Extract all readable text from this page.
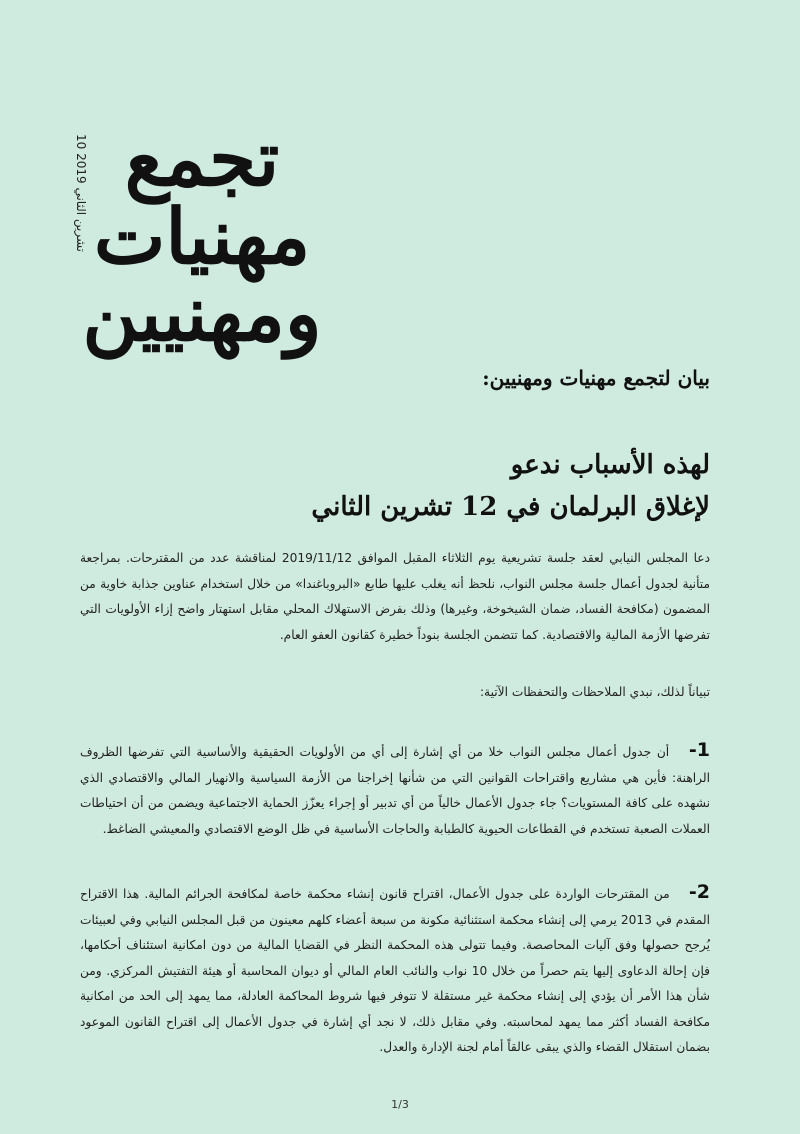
10 تشرين الثاني 2019
تجمع
مهنيات
ومهنيين
بيان لتجمع مهنيات ومهنيين:
لهذه الأسباب ندعو
لإغلاق البرلمان في 12 تشرين الثاني

دعا المجلس النيابي لعقد جلسة تشريعية يوم الثلاثاء المقبل الموافق 2019/11/12 لمناقشة عدد من المقترحات. بمراجعة متأنية لجدول أعمال جلسة مجلس النواب، نلحظ أنه يغلب عليها طابع «البروباغندا» من خلال استخدام عناوين جذابة خاوية من المضمون (مكافحة الفساد، ضمان الشيخوخة، وغيرها) وذلك بفرض الاستهلاك المحلي مقابل استهتار واضح إزاء الأولويات التي تفرضها الأزمة المالية والاقتصادية. كما تتضمن الجلسة بنوداً خطيرة كقانون العفو العام.

تبياناً لذلك، نبدي الملاحظات والتحفظات الآتية:

1- أن جدول أعمال مجلس النواب خلا من أي إشارة إلى أي من الأولويات الحقيقية والأساسية التي تفرضها الظروف الراهنة: فأين هي مشاريع واقتراحات القوانين التي من شأنها إخراجنا من الأزمة السياسية والانهيار المالي والاقتصادي الذي نشهده على كافة المستويات؟ جاء جدول الأعمال خالياً من أي تدبير أو إجراء يعزّز الحماية الاجتماعية ويضمن من أن احتياطات العملات الصعبة تستخدم في القطاعات الحيوية كالطبابة والحاجات الأساسية في ظل الوضع الاقتصادي والمعيشي الضاغط.

2- من المقترحات الواردة على جدول الأعمال، اقتراح قانون إنشاء محكمة خاصة لمكافحة الجرائم المالية. هذا الاقتراح المقدم في 2013 يرمي إلى إنشاء محكمة استثنائية مكونة من سبعة أعضاء كلهم معينون من قبل المجلس النيابي وفي لعبيئات يُرجح حصولها وفق آليات المحاصصة. وفيما تتولى هذه المحكمة النظر في القضايا المالية من دون امكانية استئناف أحكامها، فإن إحالة الدعاوى إليها يتم حصراً من خلال 10 نواب والنائب العام المالي أو ديوان المحاسبة أو هيئة التفتيش المركزي. ومن شأن هذا الأمر أن يؤدي إلى إنشاء محكمة غير مستقلة لا تتوفر فيها شروط المحاكمة العادلة، مما يمهد إلى الحد من امكانية مكافحة الفساد أكثر مما يمهد لمحاسبته. وفي مقابل ذلك، لا نجد أي إشارة في جدول الأعمال إلى اقتراح القانون الموعود بضمان استقلال القضاء والذي يبقى عالقاً أمام لجنة الإدارة والعدل.

1/3
